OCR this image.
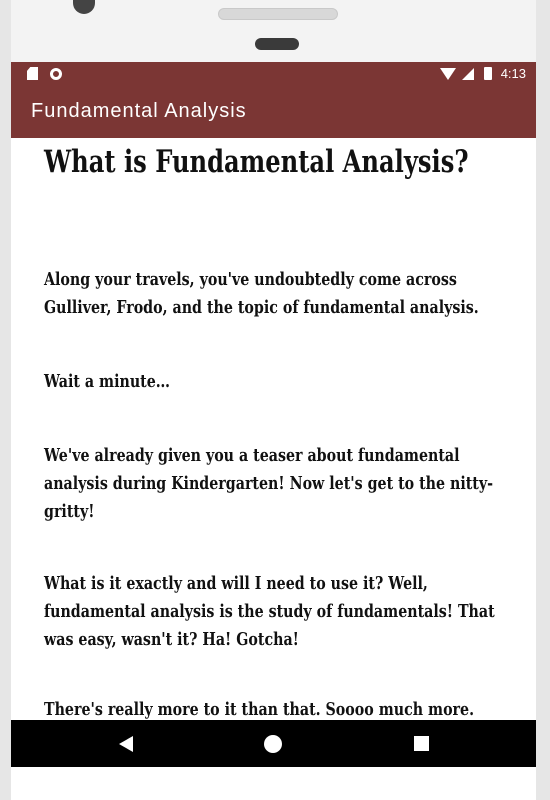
4:13
Fundamental Analysis
What is Fundamental Analysis?

Along your travels, you've undoubtedly come across Gulliver, Frodo, and the topic of fundamental analysis.

Wait a minute…

We've already given you a teaser about fundamental analysis during Kindergarten! Now let's get to the nitty-gritty!

What is it exactly and will I need to use it? Well, fundamental analysis is the study of fundamentals! That was easy, wasn't it? Ha! Gotcha!

There's really more to it than that. Soooo much more.
